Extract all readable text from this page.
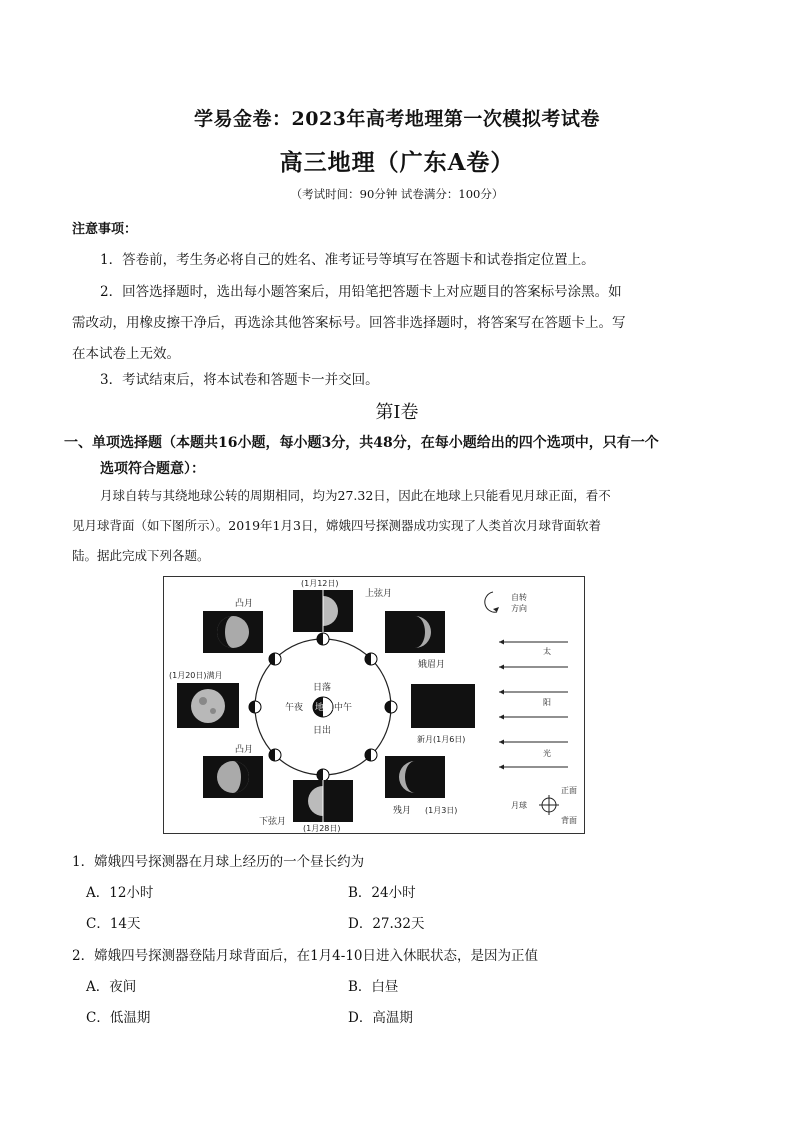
学易金卷：2023年高考地理第一次模拟考试卷
高三地理（广东A卷）
（考试时间：90分钟 试卷满分：100分）
注意事项：
1．答卷前，考生务必将自己的姓名、准考证号等填写在答题卡和试卷指定位置上。
2．回答选择题时，选出每小题答案后，用铅笔把答题卡上对应题目的答案标号涂黑。如
需改动，用橡皮擦干净后，再选涂其他答案标号。回答非选择题时，将答案写在答题卡上。写
在本试卷上无效。
3．考试结束后，将本试卷和答题卡一并交回。
第Ⅰ卷
一、单项选择题（本题共16小题，每小题3分，共48分，在每小题给出的四个选项中，只有一个
选项符合题意）：
月球自转与其绕地球公转的周期相同，均为27.32日，因此在地球上只能看见月球正面，看不
见月球背面（如下图所示）。2019年1月3日，嫦娥四号探测器成功实现了人类首次月球背面软着
陆。据此完成下列各题。
日落
午夜 地球 中午
日出
(1月12日)
上弦月
凸月
(1月20日)满月
凸月
下弦月
(1月28日)
娥眉月
新月(1月6日)
残月 (1月3日)
自转
方向
太
阳
光
月球
正面
背面
1．嫦娥四号探测器在月球上经历的一个昼长约为
A．12小时	B．24小时
C．14天	D．27.32天
2．嫦娥四号探测器登陆月球背面后，在1月4-10日进入休眠状态，是因为正值
A．夜间	B．白昼
C．低温期	D．高温期
